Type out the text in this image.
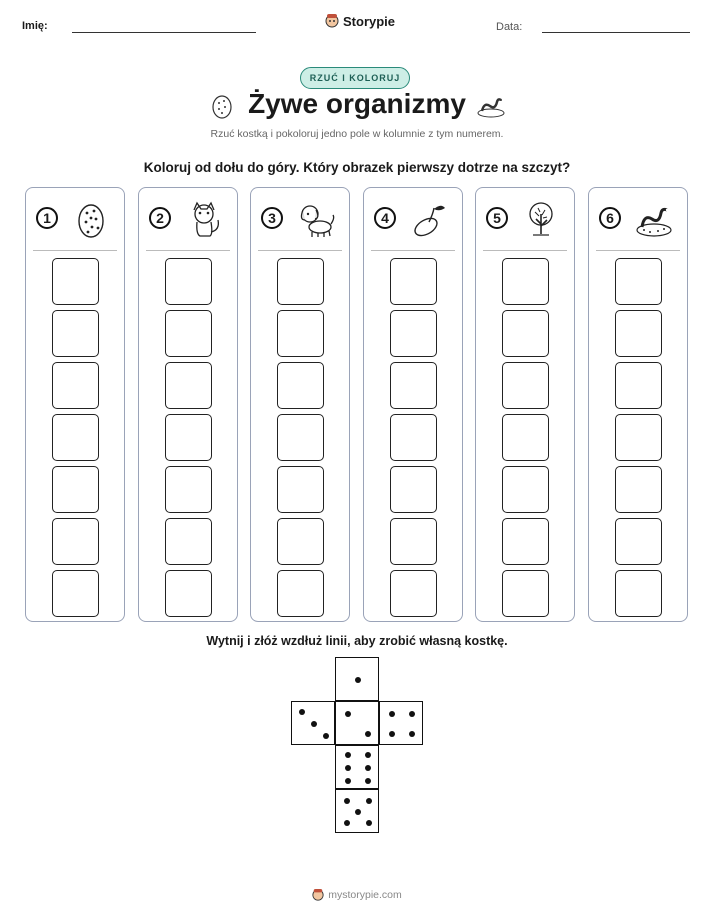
Imię:	Storypie	Data:
RZUĆ I KOLORUJ
Żywe organizmy
Rzuć kostką i pokoloruj jedno pole w kolumnie z tym numerem.
Koloruj od dołu do góry. Który obrazek pierwszy dotrze na szczyt?
1	2	3	4	5	6
Wytnij i złóż wzdłuż linii, aby zrobić własną kostkę.
mystorypie.com
